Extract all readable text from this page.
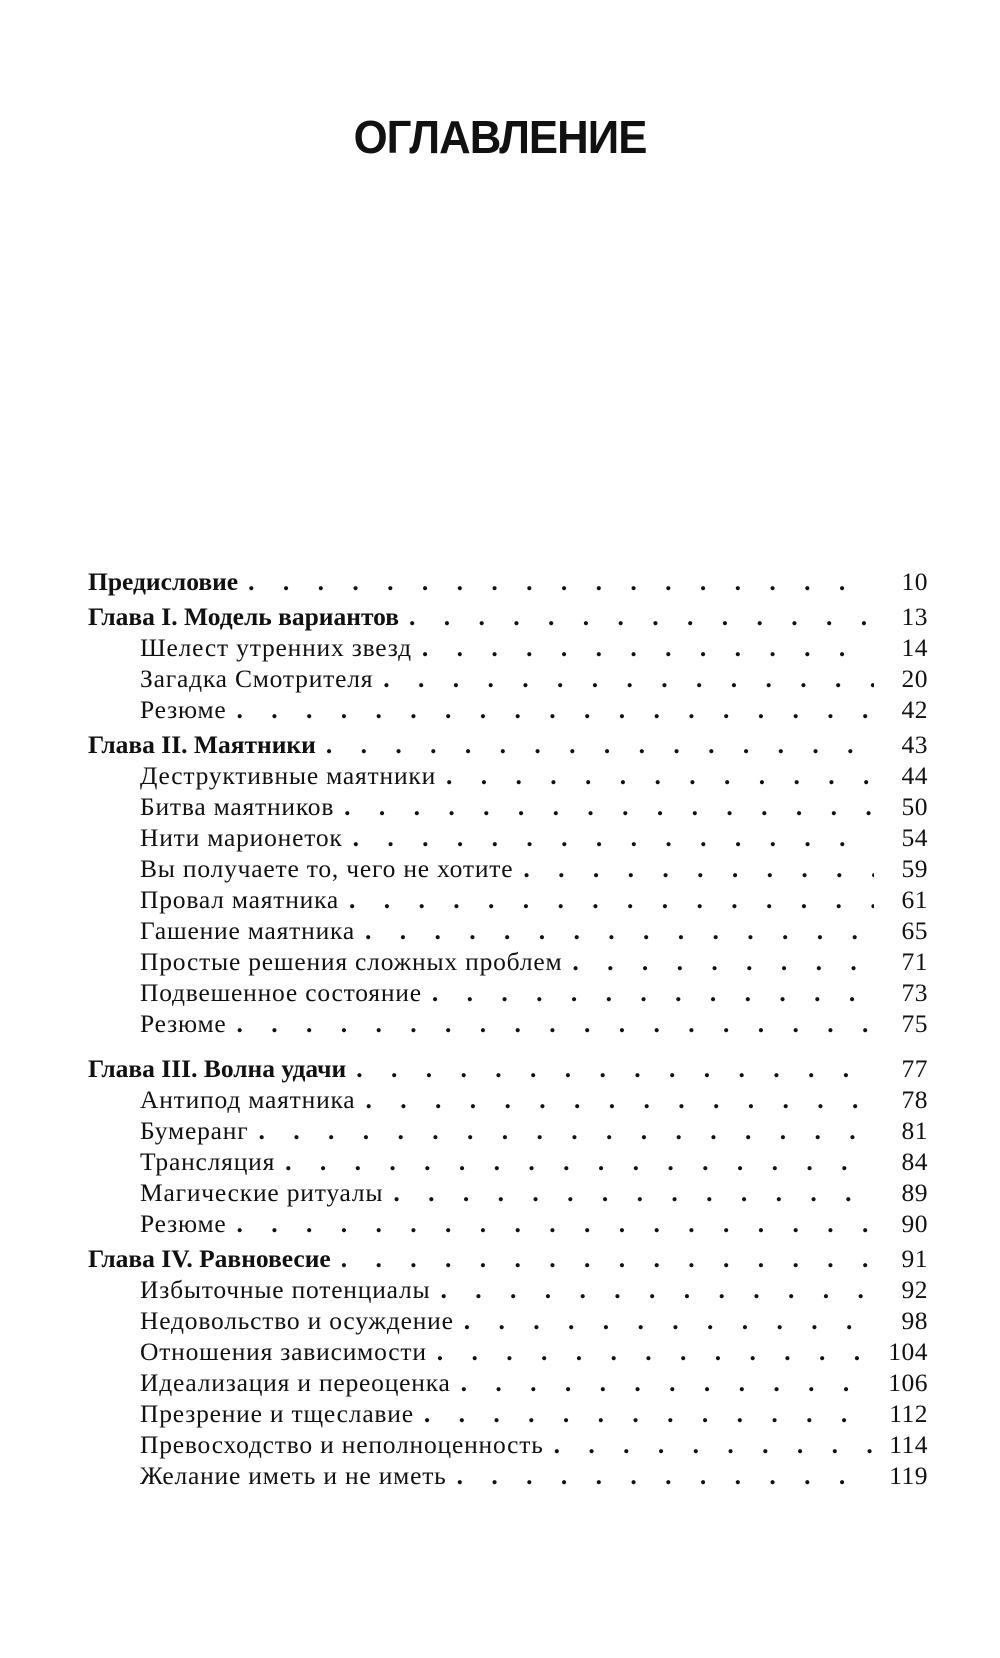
ОГЛАВЛЕНИЕ
Предисловие . . .	10
Глава I. Модель вариантов . . .	13
Шелест утренних звезд . . .	14
Загадка Смотрителя . . .	20
Резюме . . .	42
Глава II. Маятники . . .	43
Деструктивные маятники . . .	44
Битва маятников . . .	50
Нити марионеток . . .	54
Вы получаете то, чего не хотите . . .	59
Провал маятника . . .	61
Гашение маятника . . .	65
Простые решения сложных проблем . . .	71
Подвешенное состояние . . .	73
Резюме . . .	75
Глава III. Волна удачи . . .	77
Антипод маятника . . .	78
Бумеранг . . .	81
Трансляция . . .	84
Магические ритуалы . . .	89
Резюме . . .	90
Глава IV. Равновесие . . .	91
Избыточные потенциалы . . .	92
Недовольство и осуждение . . .	98
Отношения зависимости . . .	104
Идеализация и переоценка . . .	106
Презрение и тщеславие . . .	112
Превосходство и неполноценность . . .	114
Желание иметь и не иметь . . .	119
